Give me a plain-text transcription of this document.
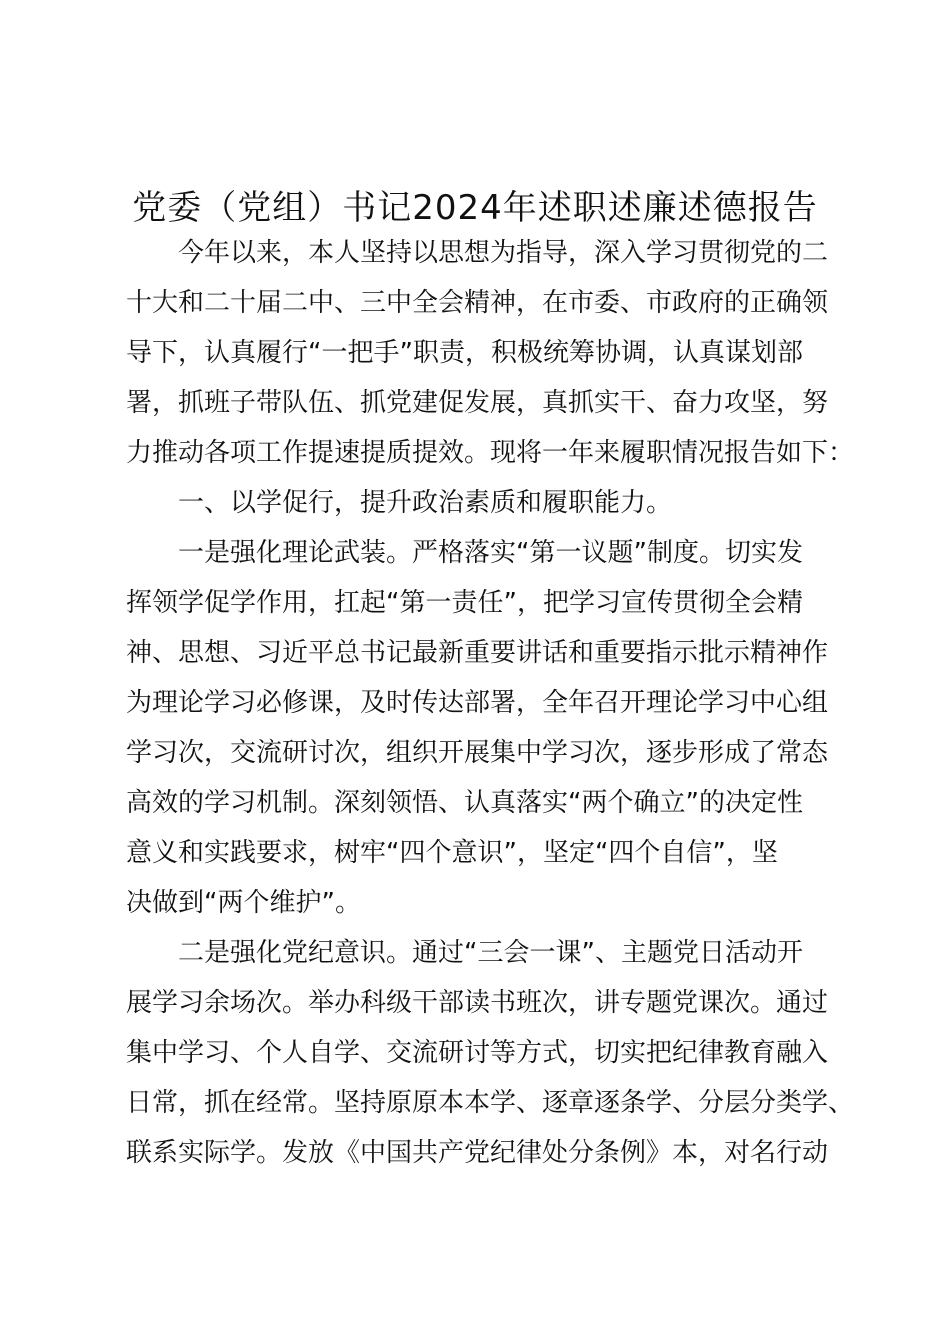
党委（党组）书记2024年述职述廉述德报告
今年以来，本人坚持以思想为指导，深入学习贯彻党的二
十大和二十届二中、三中全会精神，在市委、市政府的正确领
导下，认真履行“一把手”职责，积极统筹协调，认真谋划部
署，抓班子带队伍、抓党建促发展，真抓实干、奋力攻坚，努
力推动各项工作提速提质提效。现将一年来履职情况报告如下：
一、以学促行，提升政治素质和履职能力。
一是强化理论武装。严格落实“第一议题”制度。切实发
挥领学促学作用，扛起“第一责任”，把学习宣传贯彻全会精
神、思想、习近平总书记最新重要讲话和重要指示批示精神作
为理论学习必修课，及时传达部署，全年召开理论学习中心组
学习次，交流研讨次，组织开展集中学习次，逐步形成了常态
高效的学习机制。深刻领悟、认真落实“两个确立”的决定性
意义和实践要求，树牢“四个意识”，坚定“四个自信”，坚
决做到“两个维护”。
二是强化党纪意识。通过“三会一课”、主题党日活动开
展学习余场次。举办科级干部读书班次，讲专题党课次。通过
集中学习、个人自学、交流研讨等方式，切实把纪律教育融入
日常，抓在经常。坚持原原本本学、逐章逐条学、分层分类学、
联系实际学。发放《中国共产党纪律处分条例》本，对名行动
